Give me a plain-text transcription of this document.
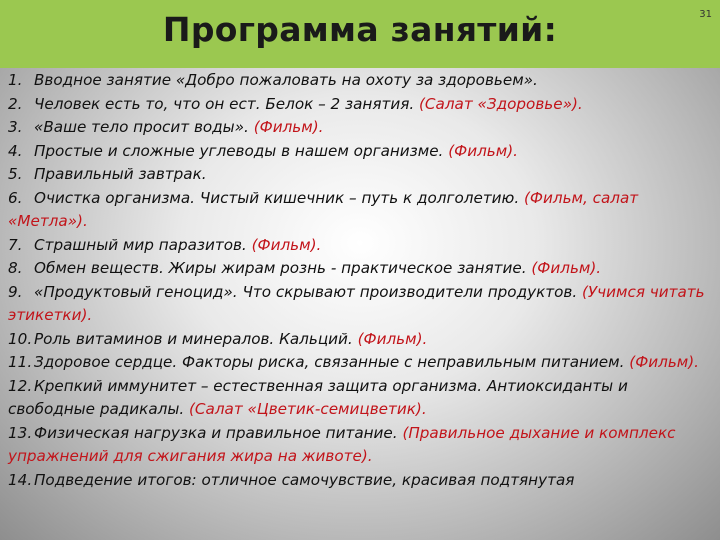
Программа занятий:	31

1. Вводное занятие «Добро пожаловать на охоту за здоровьем».

2. Человек есть то, что он ест. Белок – 2 занятия. (Салат «Здоровье»).

3. «Ваше тело просит воды». (Фильм).

4. Простые и сложные углеводы в нашем организме. (Фильм).

5. Правильный завтрак.

6. Очистка организма. Чистый кишечник – путь к долголетию. (Фильм, салат «Метла»).

7. Страшный мир паразитов. (Фильм).

8. Обмен веществ. Жиры жирам рознь - практическое занятие. (Фильм).

9. «Продуктовый геноцид». Что скрывают производители продуктов. (Учимся читать этикетки).

10. Роль витаминов и минералов. Кальций. (Фильм).

11. Здоровое сердце. Факторы риска, связанные с неправильным питанием. (Фильм).

12. Крепкий иммунитет – естественная защита организма. Антиоксиданты и свободные радикалы. (Салат «Цветик-семицветик).

13. Физическая нагрузка и правильное питание. (Правильное дыхание и комплекс упражнений для сжигания жира на животе).

14. Подведение итогов: отличное самочувствие, красивая подтянутая
